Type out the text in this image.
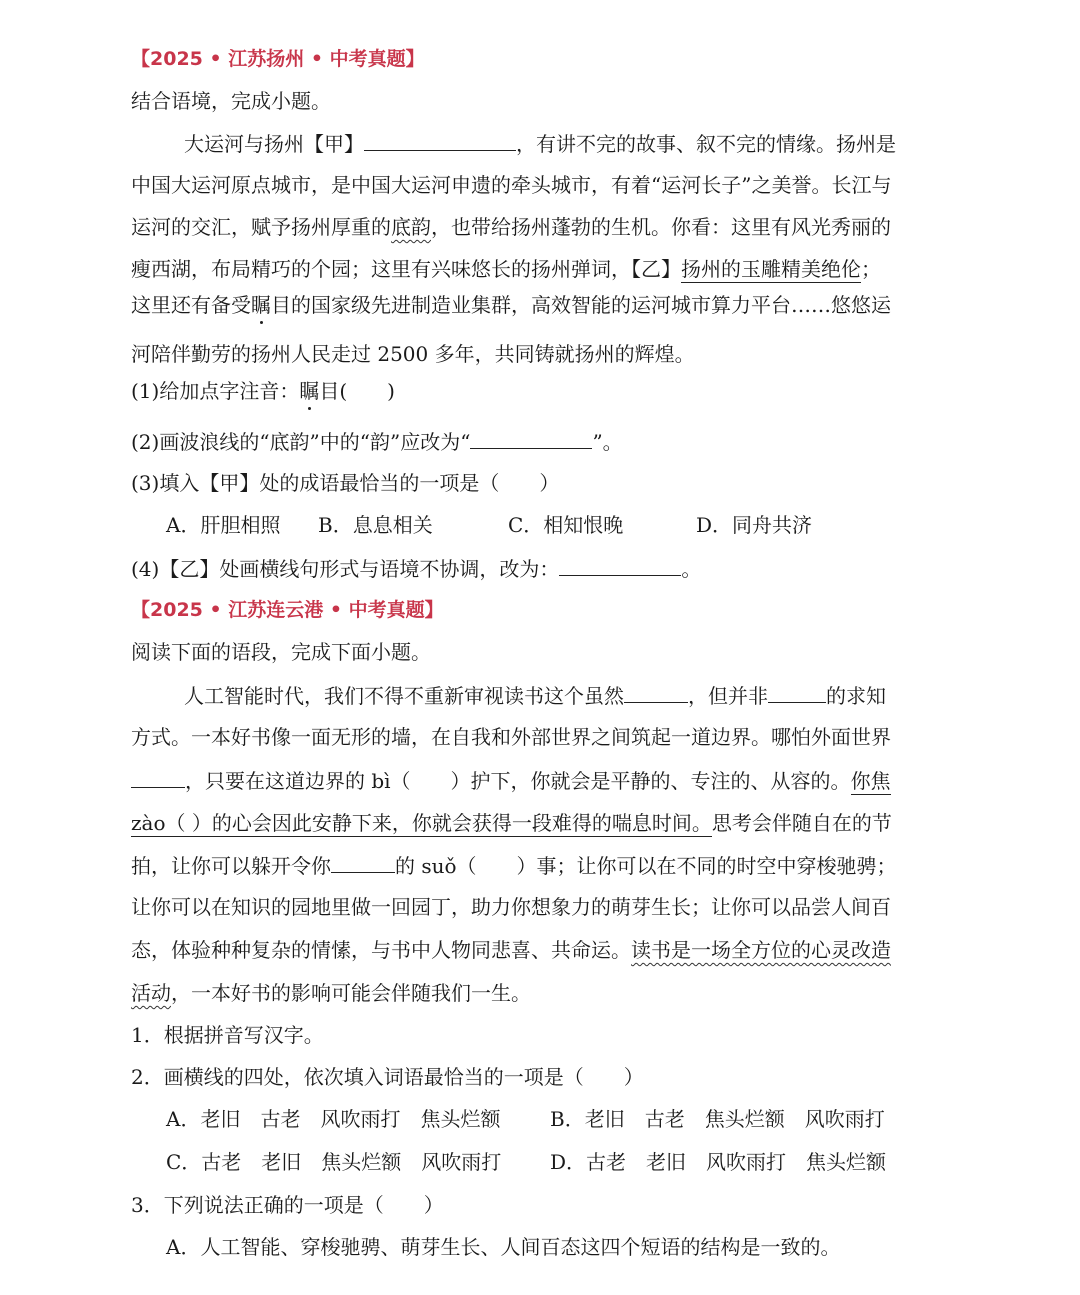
【2025 • 江苏扬州 • 中考真题】
结合语境，完成小题。
大运河与扬州【甲】	，有讲不完的故事、叙不完的情缘。扬州是
中国大运河原点城市，是中国大运河申遗的牵头城市，有着“运河长子”之美誉。长江与
运河的交汇，赋予扬州厚重的底韵，也带给扬州蓬勃的生机。你看：这里有风光秀丽的
瘦西湖，布局精巧的个园；这里有兴味悠长的扬州弹词，【乙】扬州的玉雕精美绝伦；
这里还有备受瞩目的国家级先进制造业集群，高效智能的运河城市算力平台……悠悠运
河陪伴勤劳的扬州人民走过 2500 多年，共同铸就扬州的辉煌。
(1)给加点字注音：瞩目(　　)
(2)画波浪线的“底韵”中的“韵”应改为“	”。
(3)填入【甲】处的成语最恰当的一项是（　　）
A．肝胆相照 B．息息相关	C．相知恨晚	D．同舟共济
(4)【乙】处画横线句形式与语境不协调，改为：	。
【2025 • 江苏连云港 • 中考真题】
阅读下面的语段，完成下面小题。
人工智能时代，我们不得不重新审视读书这个虽然	，但并非	的求知
方式。一本好书像一面无形的墙，在自我和外部世界之间筑起一道边界。哪怕外面世界
，只要在这道边界的 bì（　　）护下，你就会是平静的、专注的、从容的。你焦
zào（ ）的心会因此安静下来，你就会获得一段难得的喘息时间。思考会伴随自在的节
拍，让你可以躲开令你	的 suǒ（　　）事；让你可以在不同的时空中穿梭驰骋；
让你可以在知识的园地里做一回园丁，助力你想象力的萌芽生长；让你可以品尝人间百
态，体验种种复杂的情愫，与书中人物同悲喜、共命运。读书是一场全方位的心灵改造
活动，一本好书的影响可能会伴随我们一生。
1．根据拼音写汉字。
2．画横线的四处，依次填入词语最恰当的一项是（　　）
A．老旧　古老　风吹雨打　焦头烂额 B．老旧　古老　焦头烂额　风吹雨打
C．古老　老旧　焦头烂额　风吹雨打 D．古老　老旧　风吹雨打　焦头烂额
3．下列说法正确的一项是（　　）
A．人工智能、穿梭驰骋、萌芽生长、人间百态这四个短语的结构是一致的。
